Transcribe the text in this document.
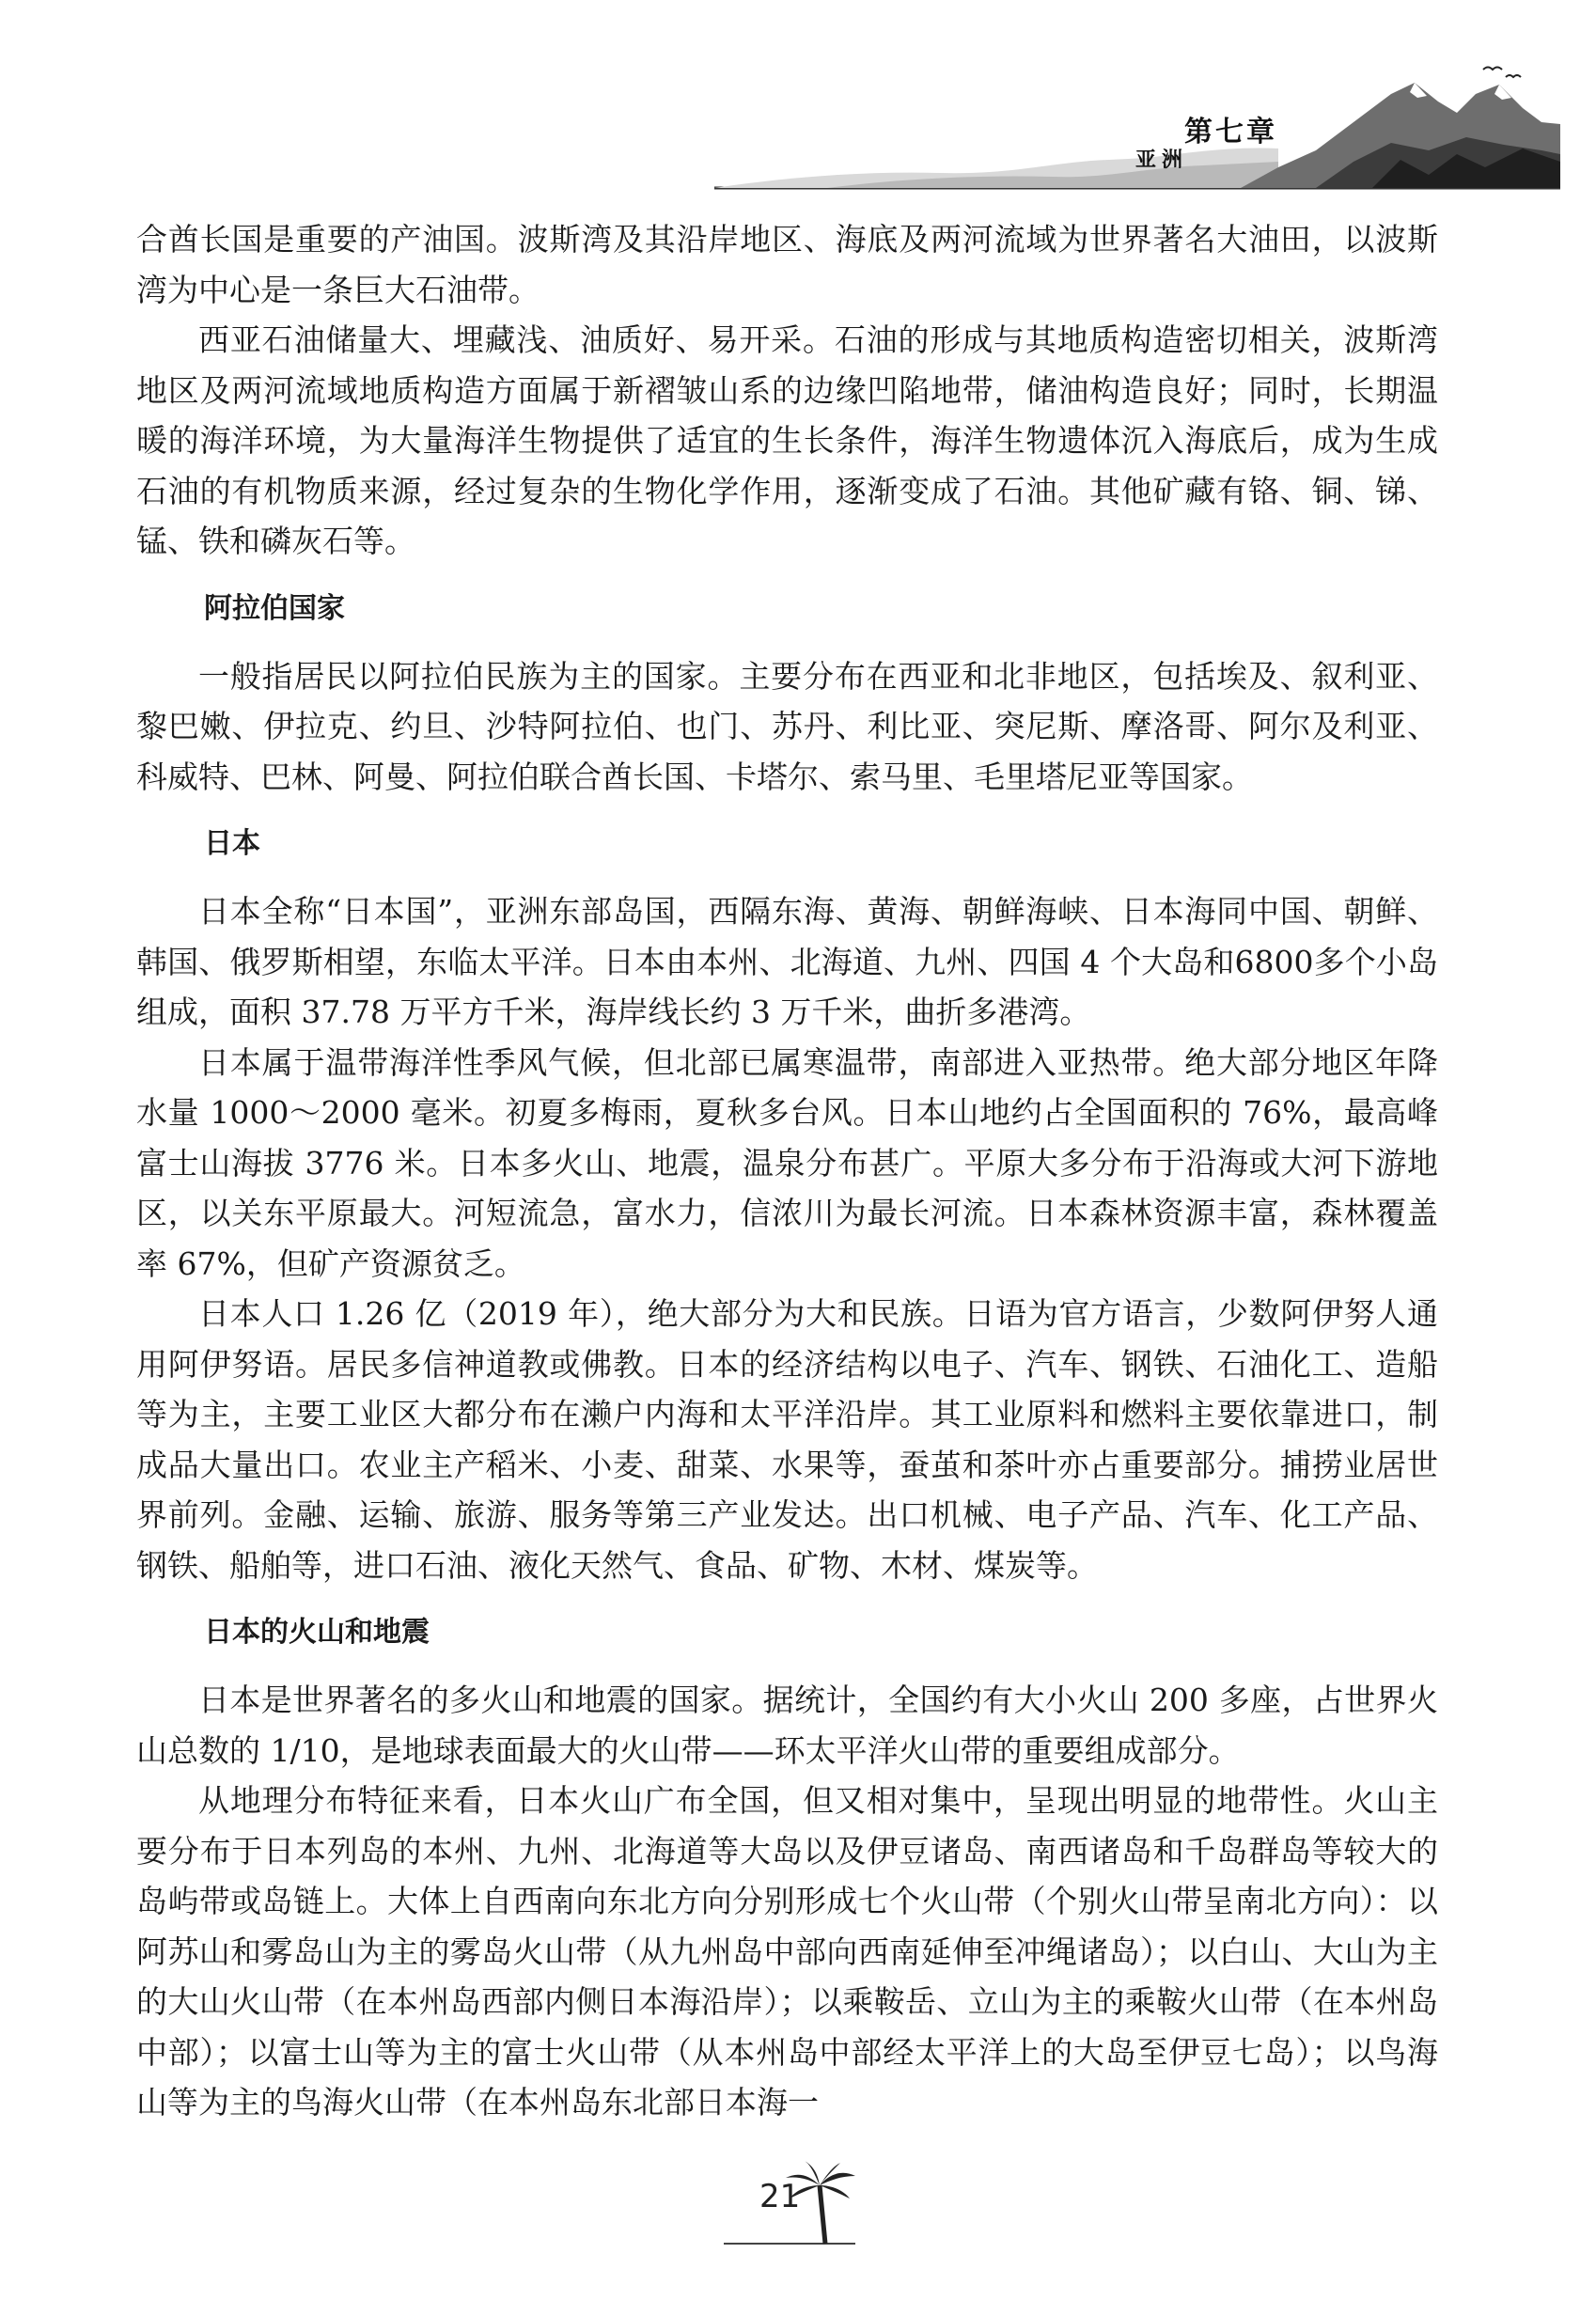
第七章
亚洲

合酋长国是重要的产油国。波斯湾及其沿岸地区、海底及两河流域为世界著名大油田，以波斯湾为中心是一条巨大石油带。

西亚石油储量大、埋藏浅、油质好、易开采。石油的形成与其地质构造密切相关，波斯湾地区及两河流域地质构造方面属于新褶皱山系的边缘凹陷地带，储油构造良好；同时，长期温暖的海洋环境，为大量海洋生物提供了适宜的生长条件，海洋生物遗体沉入海底后，成为生成石油的有机物质来源，经过复杂的生物化学作用，逐渐变成了石油。其他矿藏有铬、铜、锑、锰、铁和磷灰石等。

阿拉伯国家

一般指居民以阿拉伯民族为主的国家。主要分布在西亚和北非地区，包括埃及、叙利亚、黎巴嫩、伊拉克、约旦、沙特阿拉伯、也门、苏丹、利比亚、突尼斯、摩洛哥、阿尔及利亚、科威特、巴林、阿曼、阿拉伯联合酋长国、卡塔尔、索马里、毛里塔尼亚等国家。

日本

日本全称“日本国”，亚洲东部岛国，西隔东海、黄海、朝鲜海峡、日本海同中国、朝鲜、韩国、俄罗斯相望，东临太平洋。日本由本州、北海道、九州、四国 4 个大岛和6800多个小岛组成，面积 37.78 万平方千米，海岸线长约 3 万千米，曲折多港湾。

日本属于温带海洋性季风气候，但北部已属寒温带，南部进入亚热带。绝大部分地区年降水量 1000～2000 毫米。初夏多梅雨，夏秋多台风。日本山地约占全国面积的 76%，最高峰富士山海拔 3776 米。日本多火山、地震，温泉分布甚广。平原大多分布于沿海或大河下游地区，以关东平原最大。河短流急，富水力，信浓川为最长河流。日本森林资源丰富，森林覆盖率 67%，但矿产资源贫乏。

日本人口 1.26 亿（2019 年），绝大部分为大和民族。日语为官方语言，少数阿伊努人通用阿伊努语。居民多信神道教或佛教。日本的经济结构以电子、汽车、钢铁、石油化工、造船等为主，主要工业区大都分布在濑户内海和太平洋沿岸。其工业原料和燃料主要依靠进口，制成品大量出口。农业主产稻米、小麦、甜菜、水果等，蚕茧和茶叶亦占重要部分。捕捞业居世界前列。金融、运输、旅游、服务等第三产业发达。出口机械、电子产品、汽车、化工产品、钢铁、船舶等，进口石油、液化天然气、食品、矿物、木材、煤炭等。

日本的火山和地震

日本是世界著名的多火山和地震的国家。据统计，全国约有大小火山 200 多座，占世界火山总数的 1/10，是地球表面最大的火山带——环太平洋火山带的重要组成部分。

从地理分布特征来看，日本火山广布全国，但又相对集中，呈现出明显的地带性。火山主要分布于日本列岛的本州、九州、北海道等大岛以及伊豆诸岛、南西诸岛和千岛群岛等较大的岛屿带或岛链上。大体上自西南向东北方向分别形成七个火山带（个别火山带呈南北方向）：以阿苏山和雾岛山为主的雾岛火山带（从九州岛中部向西南延伸至冲绳诸岛）；以白山、大山为主的大山火山带（在本州岛西部内侧日本海沿岸）；以乘鞍岳、立山为主的乘鞍火山带（在本州岛中部）；以富士山等为主的富士火山带（从本州岛中部经太平洋上的大岛至伊豆七岛）；以鸟海山等为主的鸟海火山带（在本州岛东北部日本海一

21
